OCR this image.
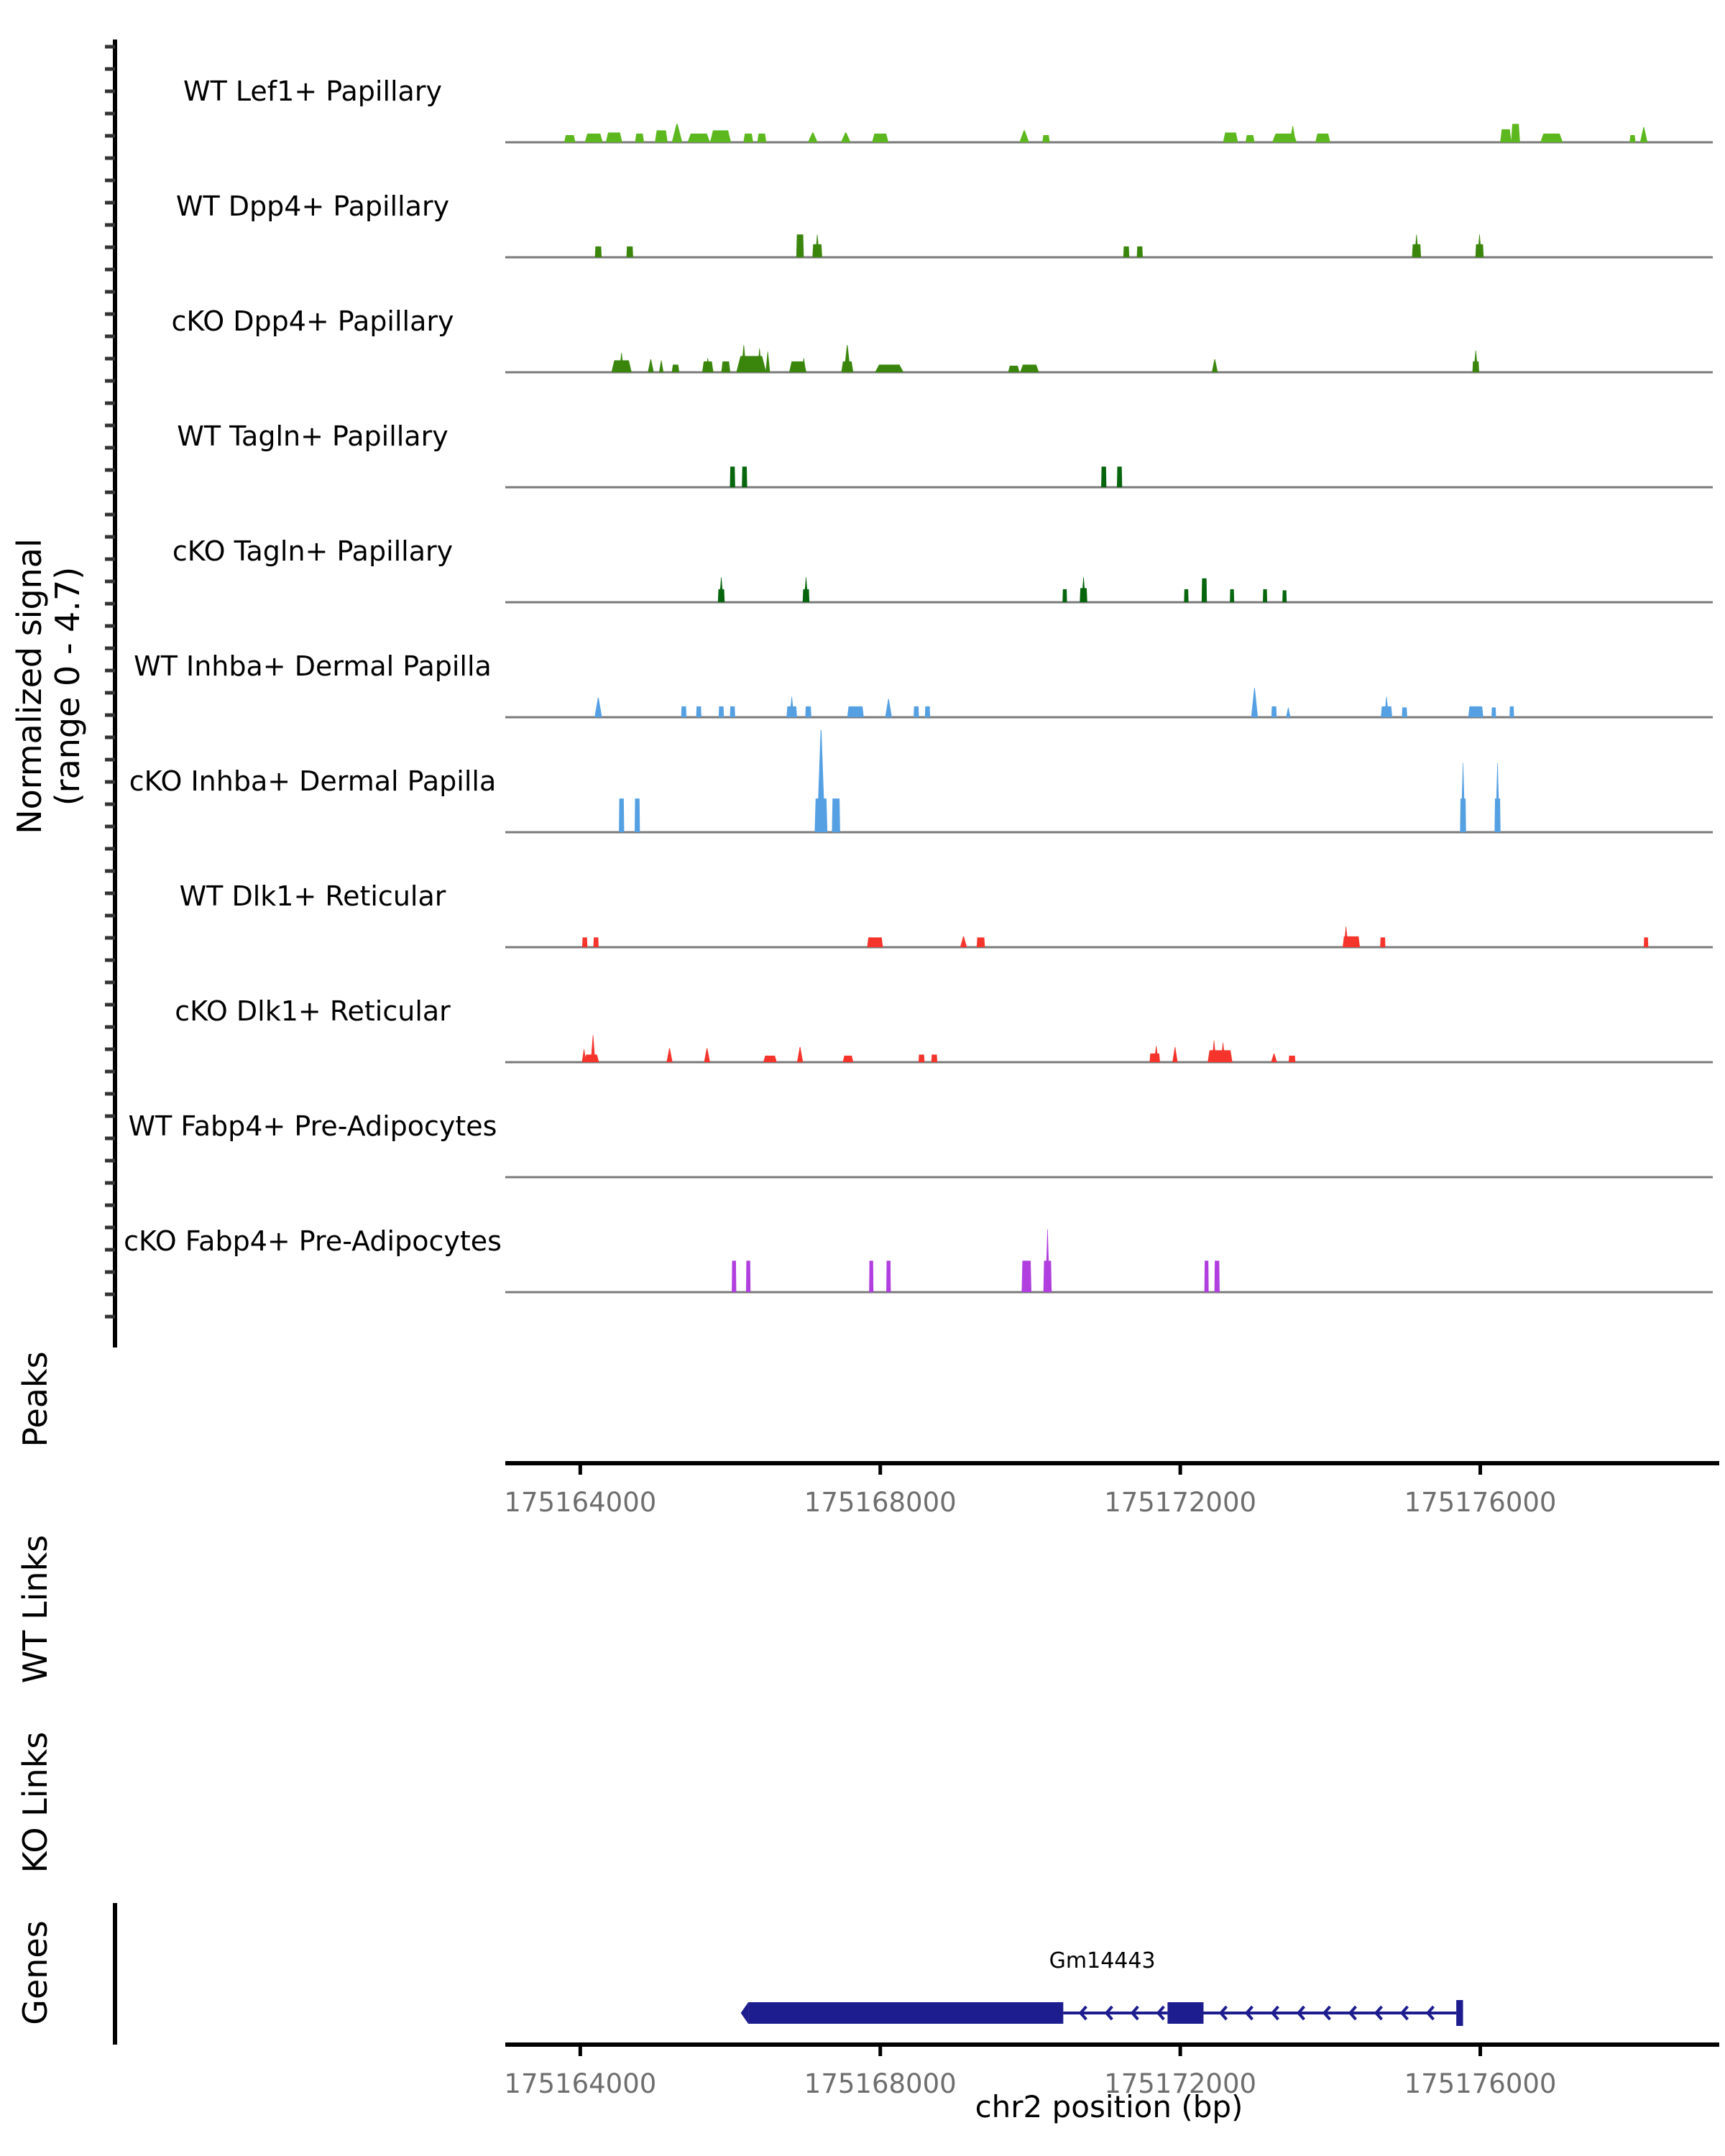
Normalized signal (range 0 - 4.7)
WT Lef1+ Papillary
WT Dpp4+ Papillary
cKO Dpp4+ Papillary
WT Tagln+ Papillary
cKO Tagln+ Papillary
WT Inhba+ Dermal Papilla
cKO Inhba+ Dermal Papilla
WT Dlk1+ Reticular
cKO Dlk1+ Reticular
WT Fabp4+ Pre-Adipocytes
cKO Fabp4+ Pre-Adipocytes
Peaks
WT Links
KO Links
Genes
175164000	175168000	175172000	175176000
175164000	175168000	175172000	175176000
chr2 position (bp)
Gm14443
